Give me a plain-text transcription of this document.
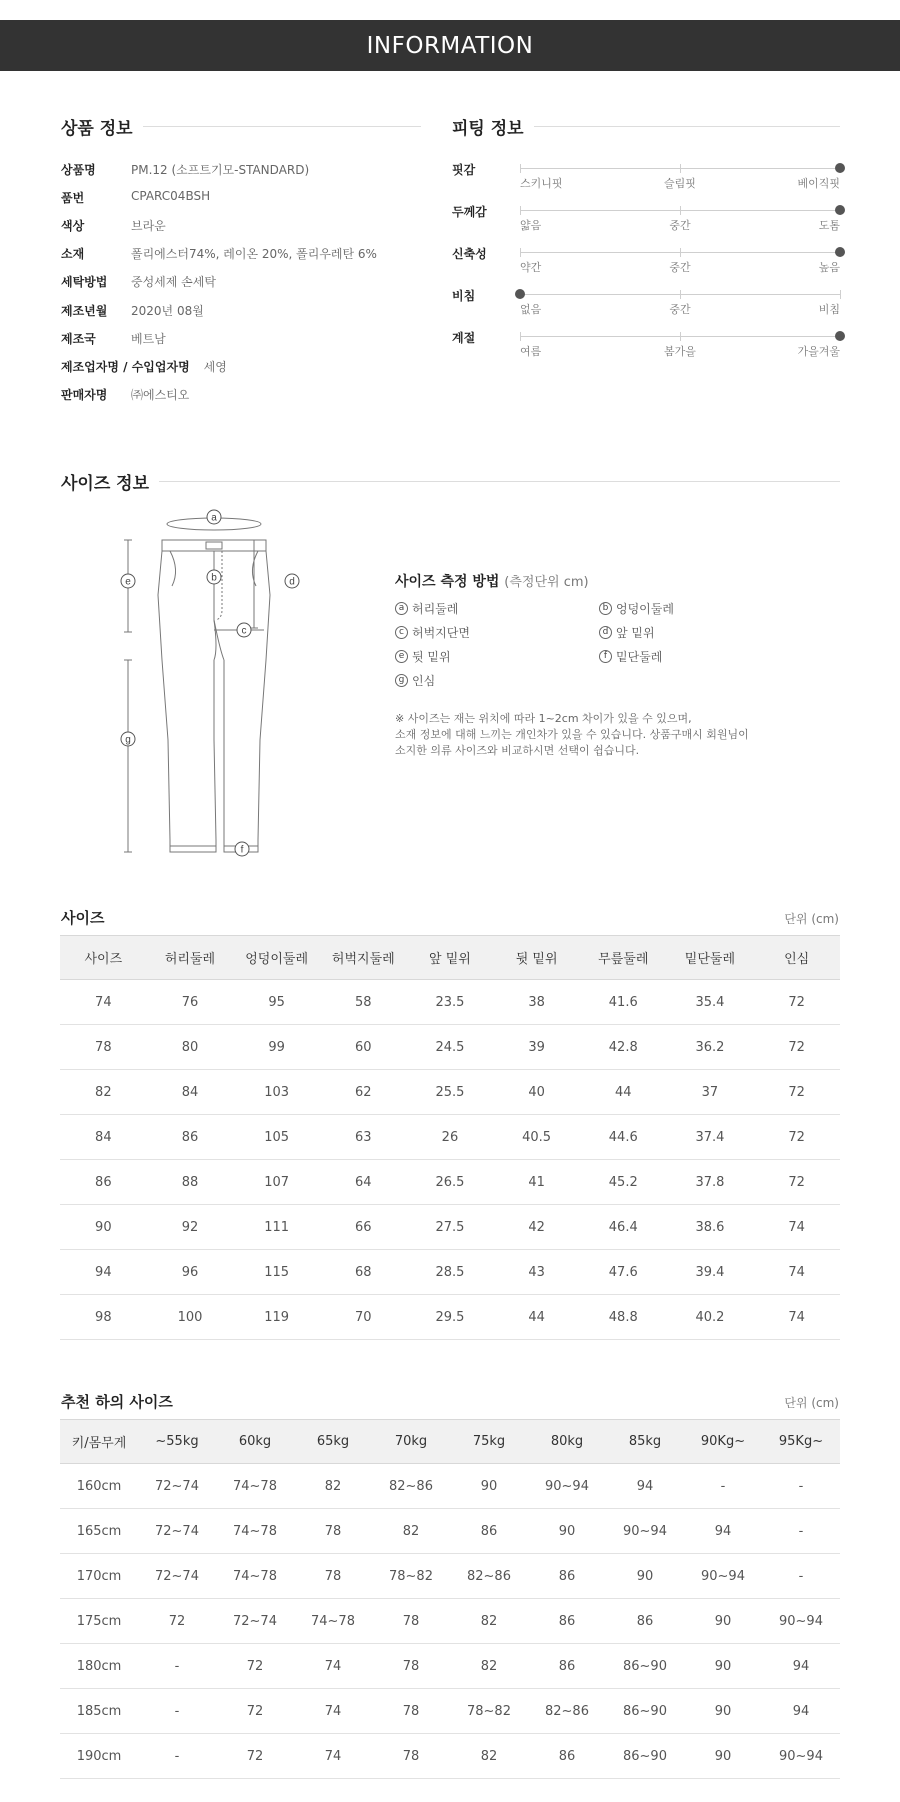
INFORMATION
상품 정보
상품명	PM.12 (소프트기모-STANDARD)
품번	CPARC04BSH
색상	브라운
소재	폴리에스터74%, 레이온 20%, 폴리우레탄 6%
세탁방법	중성세제 손세탁
제조년월	2020년 08월
제조국	베트남
제조업자명 / 수입업자명 세영
판매자명	㈜에스티오
피팅 정보
핏감
스키니핏	슬림핏	베이직핏
두께감
얇음	중간	도톰
신축성
약간	중간	높음
비침
없음	중간	비침
계절
여름	봄가을	가을겨울
사이즈 정보
a
b
c
d
e
f
g
사이즈 측정 방법 (측정단위 cm)
a 허리둘레	b 엉덩이둘레
c 허벅지단면	d 앞 밑위
e 뒷 밑위	f 밑단둘레
g 인심
※ 사이즈는 재는 위치에 따라 1~2cm 차이가 있을 수 있으며,
소재 정보에 대해 느끼는 개인차가 있을 수 있습니다. 상품구매시 회원님이
소지한 의류 사이즈와 비교하시면 선택이 쉽습니다.
사이즈	단위 (cm)
사이즈	허리둘레	엉덩이둘레	허벅지둘레	앞 밑위	뒷 밑위	무릎둘레	밑단둘레	인심
74	76	95	58	23.5	38	41.6	35.4	72
78	80	99	60	24.5	39	42.8	36.2	72
82	84	103	62	25.5	40	44	37	72
84	86	105	63	26	40.5	44.6	37.4	72
86	88	107	64	26.5	41	45.2	37.8	72
90	92	111	66	27.5	42	46.4	38.6	74
94	96	115	68	28.5	43	47.6	39.4	74
98	100	119	70	29.5	44	48.8	40.2	74
추천 하의 사이즈	단위 (cm)
키/몸무게	~55kg	60kg	65kg	70kg	75kg	80kg	85kg	90Kg~	95Kg~
160cm	72~74	74~78	82	82~86	90	90~94	94	-	-
165cm	72~74	74~78	78	82	86	90	90~94	94	-
170cm	72~74	74~78	78	78~82	82~86	86	90	90~94	-
175cm	72	72~74	74~78	78	82	86	86	90	90~94
180cm	-	72	74	78	82	86	86~90	90	94
185cm	-	72	74	78	78~82	82~86	86~90	90	94
190cm	-	72	74	78	82	86	86~90	90	90~94
